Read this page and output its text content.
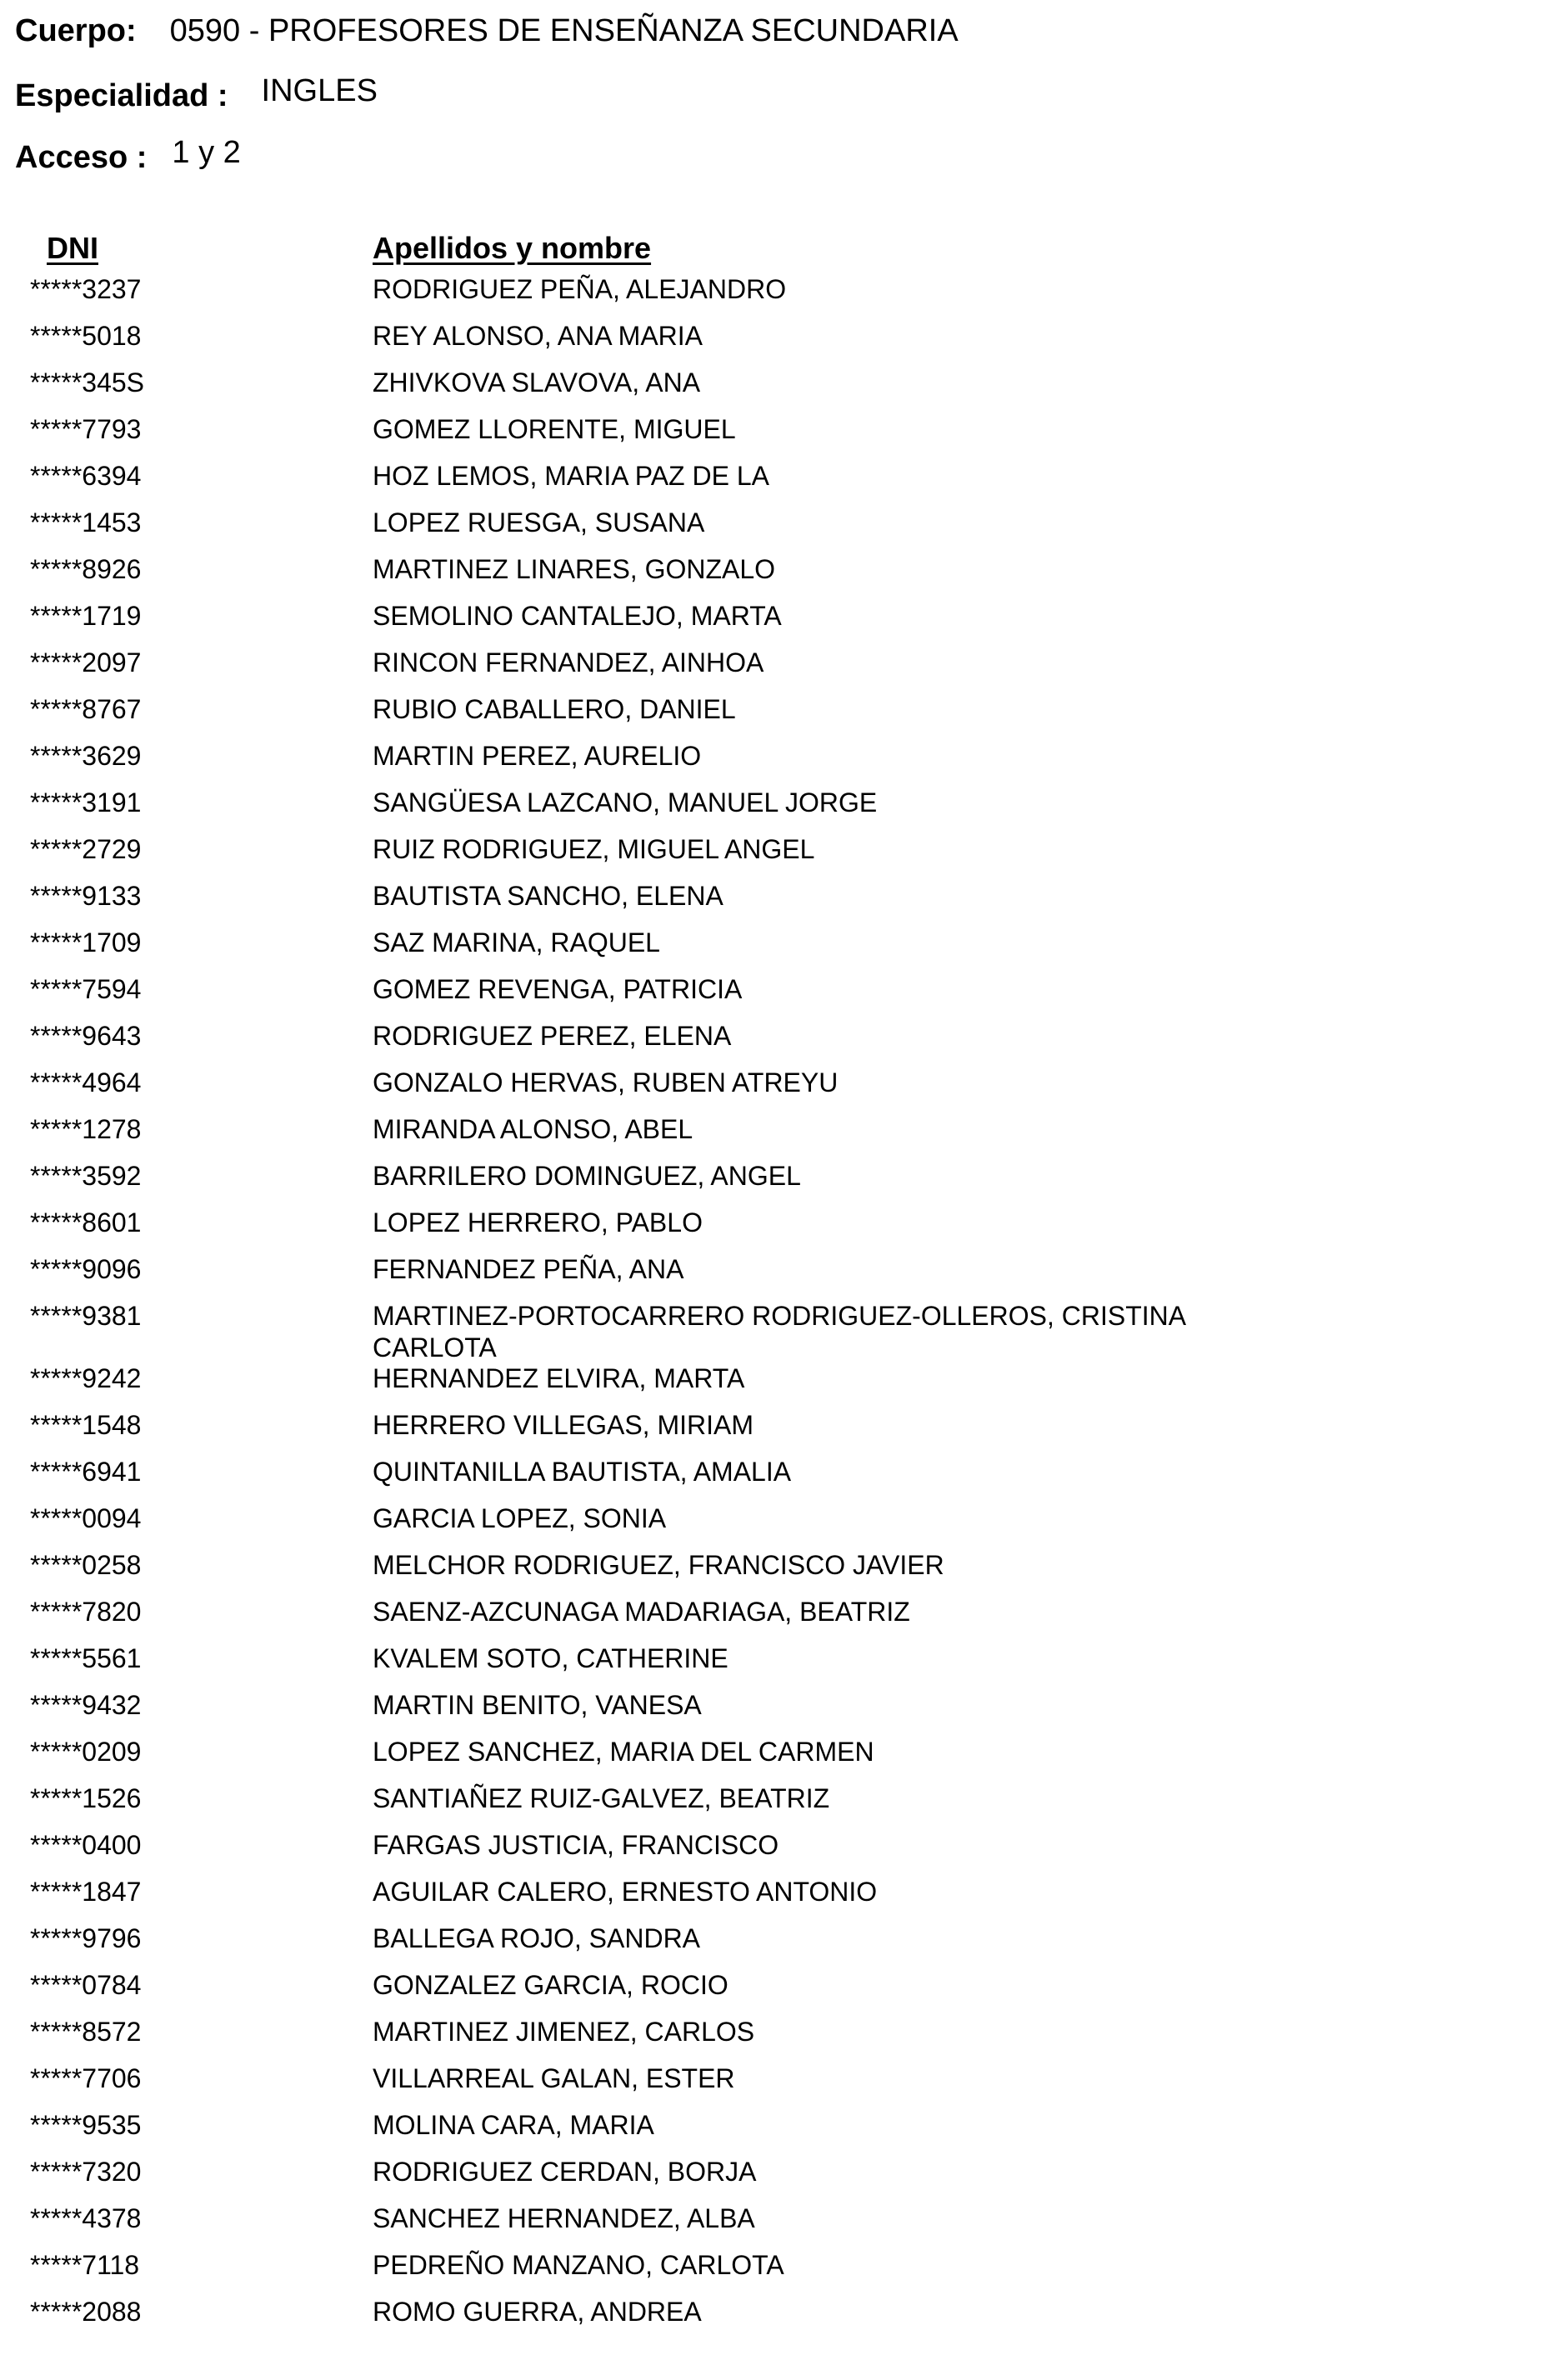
Cuerpo: 0590 - PROFESORES DE ENSEÑANZA SECUNDARIA
Especialidad : INGLES
Acceso : 1 y 2
DNI	Apellidos y nombre
*****3237	RODRIGUEZ PEÑA, ALEJANDRO
*****5018	REY ALONSO, ANA MARIA
*****345S	ZHIVKOVA SLAVOVA, ANA
*****7793	GOMEZ LLORENTE, MIGUEL
*****6394	HOZ LEMOS, MARIA PAZ DE LA
*****1453	LOPEZ RUESGA, SUSANA
*****8926	MARTINEZ LINARES, GONZALO
*****1719	SEMOLINO CANTALEJO, MARTA
*****2097	RINCON FERNANDEZ, AINHOA
*****8767	RUBIO CABALLERO, DANIEL
*****3629	MARTIN PEREZ, AURELIO
*****3191	SANGÜESA LAZCANO, MANUEL JORGE
*****2729	RUIZ RODRIGUEZ, MIGUEL ANGEL
*****9133	BAUTISTA SANCHO, ELENA
*****1709	SAZ MARINA, RAQUEL
*****7594	GOMEZ REVENGA, PATRICIA
*****9643	RODRIGUEZ PEREZ, ELENA
*****4964	GONZALO HERVAS, RUBEN ATREYU
*****1278	MIRANDA ALONSO, ABEL
*****3592	BARRILERO DOMINGUEZ, ANGEL
*****8601	LOPEZ HERRERO, PABLO
*****9096	FERNANDEZ PEÑA, ANA
*****9381	MARTINEZ-PORTOCARRERO RODRIGUEZ-OLLEROS, CRISTINA CARLOTA
*****9242	HERNANDEZ ELVIRA, MARTA
*****1548	HERRERO VILLEGAS, MIRIAM
*****6941	QUINTANILLA BAUTISTA, AMALIA
*****0094	GARCIA LOPEZ, SONIA
*****0258	MELCHOR RODRIGUEZ, FRANCISCO JAVIER
*****7820	SAENZ-AZCUNAGA MADARIAGA, BEATRIZ
*****5561	KVALEM SOTO, CATHERINE
*****9432	MARTIN BENITO, VANESA
*****0209	LOPEZ SANCHEZ, MARIA DEL CARMEN
*****1526	SANTIAÑEZ RUIZ-GALVEZ, BEATRIZ
*****0400	FARGAS JUSTICIA, FRANCISCO
*****1847	AGUILAR CALERO, ERNESTO ANTONIO
*****9796	BALLEGA ROJO, SANDRA
*****0784	GONZALEZ GARCIA, ROCIO
*****8572	MARTINEZ JIMENEZ, CARLOS
*****7706	VILLARREAL GALAN, ESTER
*****9535	MOLINA CARA, MARIA
*****7320	RODRIGUEZ CERDAN, BORJA
*****4378	SANCHEZ HERNANDEZ, ALBA
*****7118	PEDREÑO MANZANO, CARLOTA
*****2088	ROMO GUERRA, ANDREA
